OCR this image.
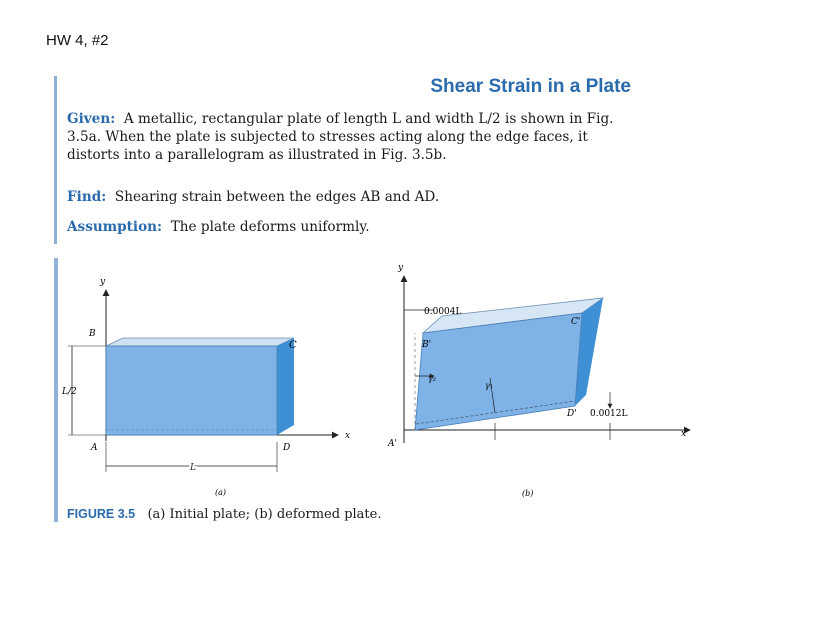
HW 4, #2
Shear Strain in a Plate
Given: A metallic, rectangular plate of length L and width L/2 is shown in Fig. 3.5a. When the plate is subjected to stresses acting along the edge faces, it distorts into a parallelogram as illustrated in Fig. 3.5b.
Find: Shearing strain between the edges AB and AD.
Assumption: The plate deforms uniformly.
y
x
B
C
A	D
L/2
L
(a)
y
x
0.0004L
B'
C'
A'
D' 0.0012L
γ₂
γ₁
(b)
FIGURE 3.5 (a) Initial plate; (b) deformed plate.
